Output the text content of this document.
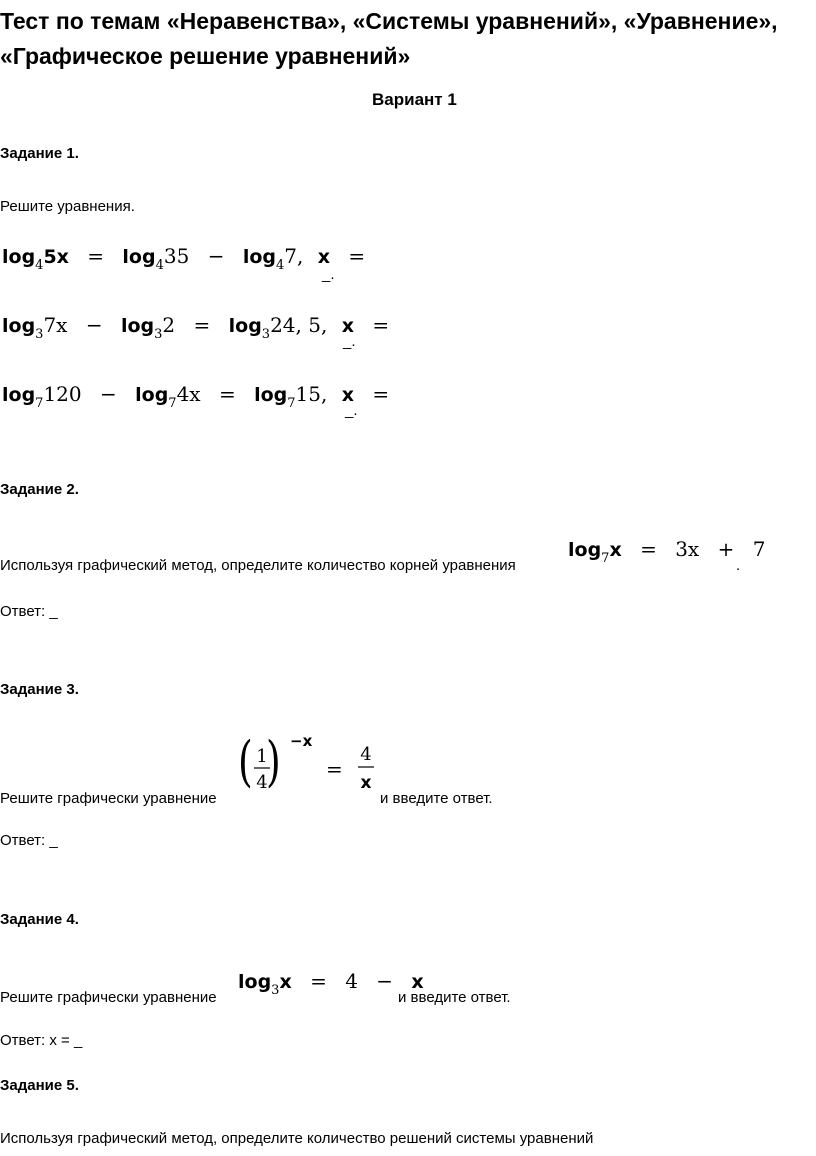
Тест по темам «Неравенства», «Системы уравнений», «Уравнение», «Графическое решение уравнений»
Вариант 1
Задание 1.
Решите уравнения.
$\log_45x = \log_435 - \log_47$, x =
_.
$\log_37x - \log_32 = \log_324$, 5, x =
_.
$\log_7120 - \log_74x = \log_715$, x =
_.
Задание 2.
Используя графический метод, определите количество корней уравнения
$\log_7x = 3x + 7$
.
Ответ: _
Задание 3.
Решите графически уравнение
( 1
4
) −x
=
4
x
и введите ответ.
Ответ: _
Задание 4.
Решите графически уравнение
$\log_3x = 4 - x$
и введите ответ.
Ответ: x = _
Задание 5.
Используя графический метод, определите количество решений системы уравнений
